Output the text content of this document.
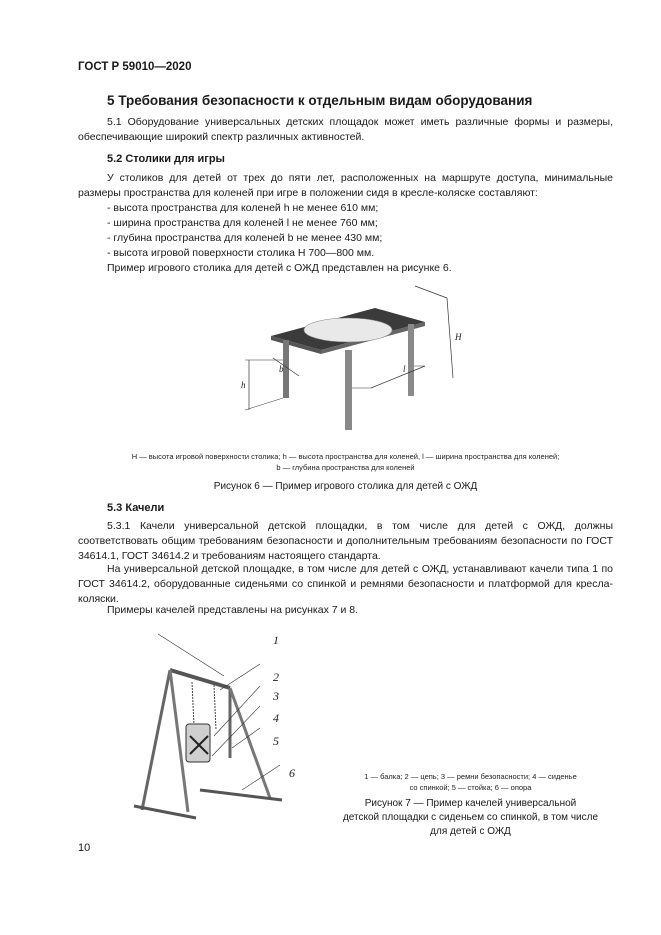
ГОСТ Р 59010—2020
5 Требования безопасности к отдельным видам оборудования
5.1 Оборудование универсальных детских площадок может иметь различные формы и размеры, обеспечивающие широкий спектр различных активностей.
5.2 Столики для игры
У столиков для детей от трех до пяти лет, расположенных на маршруте доступа, минимальные размеры пространства для коленей при игре в положении сидя в кресле-коляске составляют:
- высота пространства для коленей h не менее 610 мм;
- ширина пространства для коленей l не менее 760 мм;
- глубина пространства для коленей b не менее 430 мм;
- высота игровой поверхности столика H 700—800 мм.
Пример игрового столика для детей с ОЖД представлен на рисунке 6.
H
h
b	l
H — высота игровой поверхности столика; h — высота пространства для коленей, l — ширина пространства для коленей;
b — глубина пространства для коленей
Рисунок 6 — Пример игрового столика для детей с ОЖД
5.3 Качели
5.3.1 Качели универсальной детской площадки, в том числе для детей с ОЖД, должны соответствовать общим требованиям безопасности и дополнительным требованиям безопасности по ГОСТ 34614.1, ГОСТ 34614.2 и требованиям настоящего стандарта.
На универсальной детской площадке, в том числе для детей с ОЖД, устанавливают качели типа 1 по ГОСТ 34614.2, оборудованные сиденьями со спинкой и ремнями безопасности и платформой для кресла-коляски.
Примеры качелей представлены на рисунках 7 и 8.
1
2
3
4
5
6	1 — балка; 2 — цепь; 3 — ремни безопасности; 4 — сиденье
со спинкой; 5 — стойка; 6 — опора
Рисунок 7 — Пример качелей универсальной
детской площадки с сиденьем со спинкой, в том числе
для детей с ОЖД
10
